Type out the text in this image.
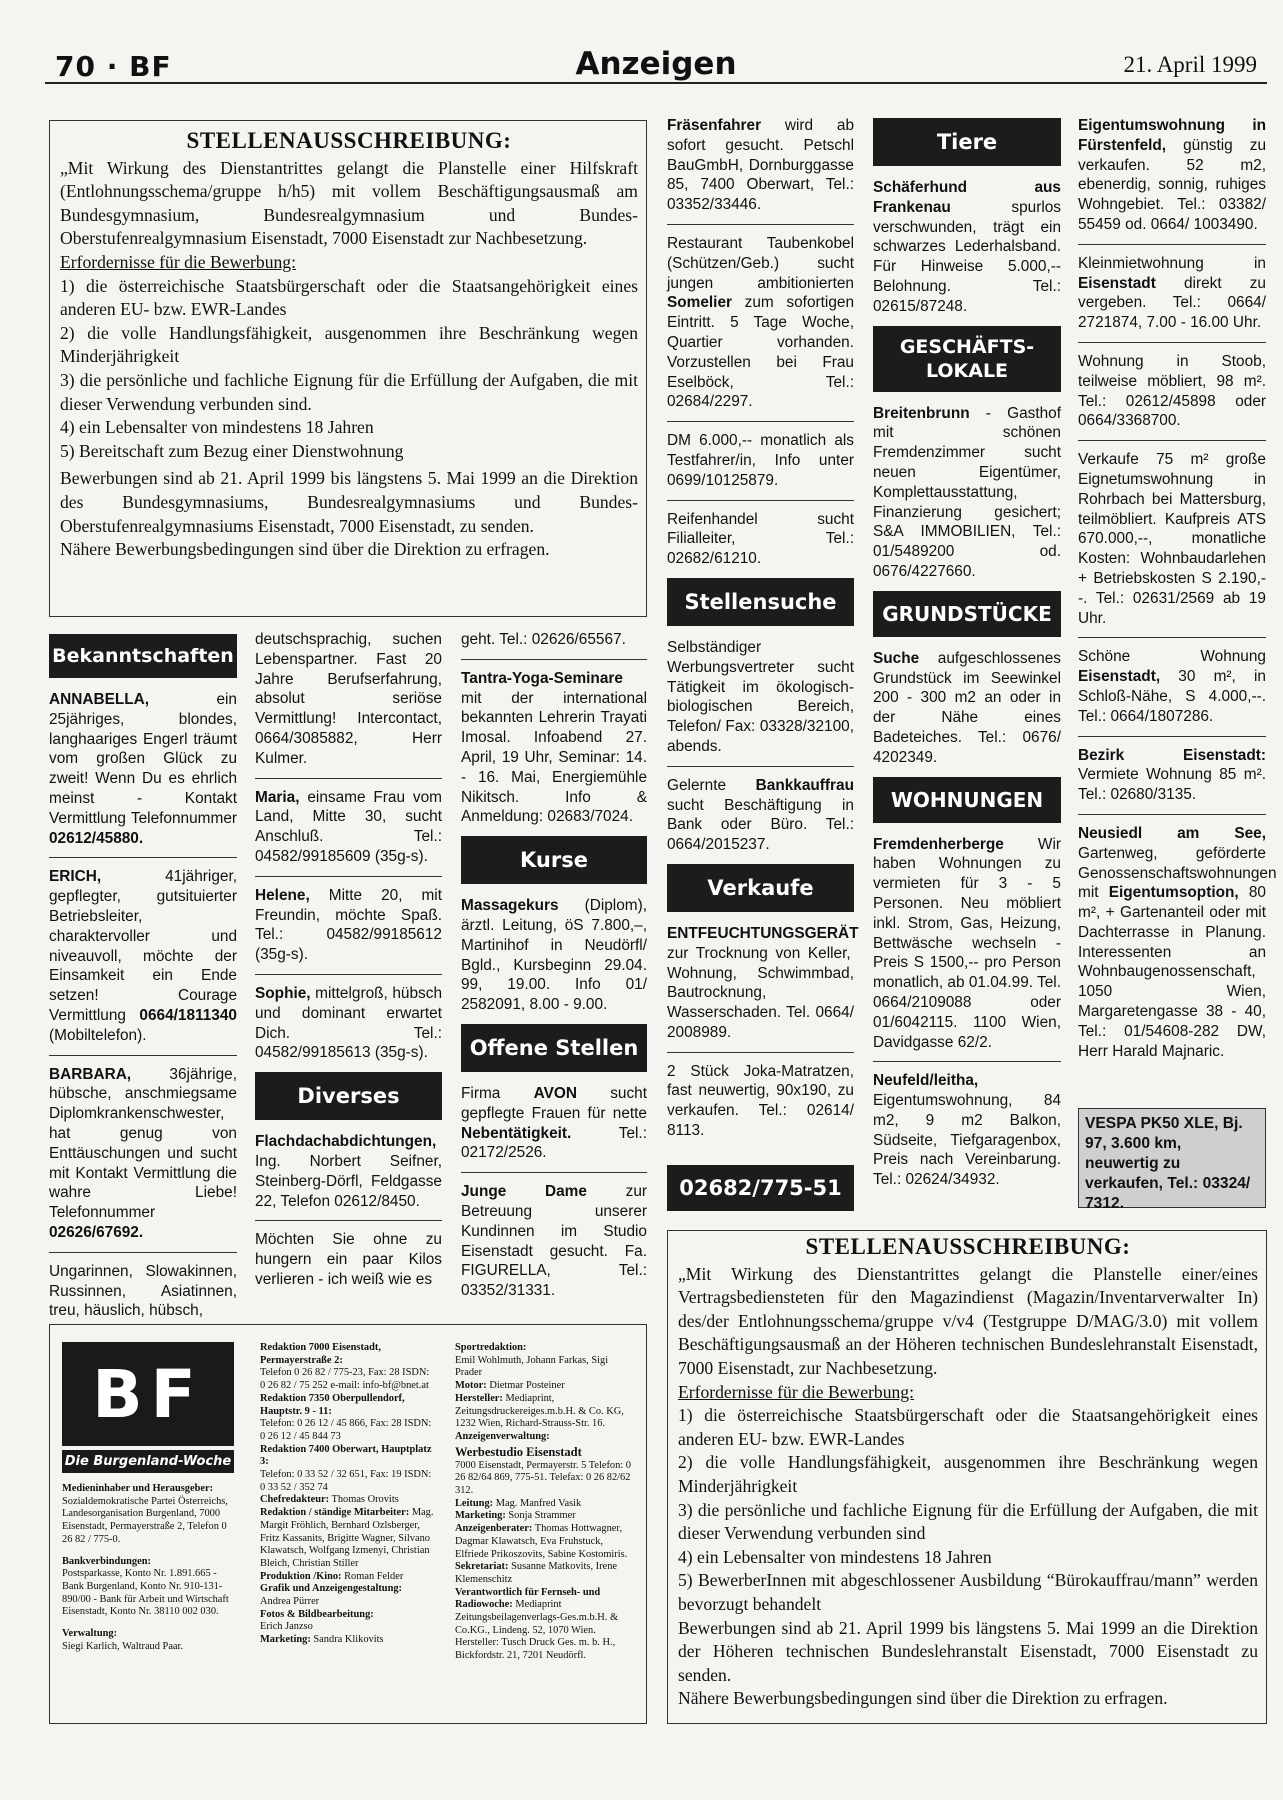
70 · BF	Anzeigen	21. April 1999
STELLENAUSSCHREIBUNG:

„Mit Wirkung des Dienstantrittes gelangt die Planstelle einer Hilfskraft (Entlohnungsschema/gruppe h/h5) mit vollem Beschäftigungsausmaß am Bundesgymnasium, Bundesrealgymnasium und Bundes-Oberstufenrealgymnasium Eisenstadt, 7000 Eisenstadt zur Nachbesetzung.

Erfordernisse für die Bewerbung:

1) die österreichische Staatsbürgerschaft oder die Staatsangehörigkeit eines anderen EU- bzw. EWR-Landes

2) die volle Handlungsfähigkeit, ausgenommen ihre Beschränkung wegen Minderjährigkeit

3) die persönliche und fachliche Eignung für die Erfüllung der Aufgaben, die mit dieser Verwendung verbunden sind.

4) ein Lebensalter von mindestens 18 Jahren

5) Bereitschaft zum Bezug einer Dienstwohnung

Bewerbungen sind ab 21. April 1999 bis längstens 5. Mai 1999 an die Direktion des Bundesgymnasiums, Bundesrealgymnasiums und Bundes-Oberstufenrealgymnasiums Eisenstadt, 7000 Eisenstadt, zu senden.

Nähere Bewerbungsbedingungen sind über die Direktion zu erfragen.

Bekanntschaften

ANNABELLA, ein 25jähriges, blondes, langhaariges Engerl träumt vom großen Glück zu zweit! Wenn Du es ehrlich meinst - Kontakt Vermittlung Telefonnummer 02612/45880.

ERICH, 41jähriger, gepflegter, gutsituierter Betriebsleiter, charaktervoller und niveauvoll, möchte der Einsamkeit ein Ende setzen! Courage Vermittlung 0664/1811340 (Mobiltelefon).

BARBARA, 36jährige, hübsche, anschmiegsame Diplomkrankenschwester, hat genug von Enttäuschungen und sucht mit Kontakt Vermittlung die wahre Liebe! Telefonnummer 02626/67692.

Ungarinnen, Slowakinnen, Russinnen, Asiatinnen, treu, häuslich, hübsch,

deutschsprachig, suchen Lebenspartner. Fast 20 Jahre Berufserfahrung, absolut seriöse Vermittlung! Intercontact, 0664/3085882, Herr Kulmer.

Maria, einsame Frau vom Land, Mitte 30, sucht Anschluß. Tel.: 04582/99185609 (35g-s).

Helene, Mitte 20, mit Freundin, möchte Spaß. Tel.: 04582/99185612 (35g-s).

Sophie, mittelgroß, hübsch und dominant erwartet Dich. Tel.: 04582/99185613 (35g-s).

Diverses

Flachdachabdichtungen, Ing. Norbert Seifner, Steinberg-Dörfl, Feldgasse 22, Telefon 02612/8450.

Möchten Sie ohne zu hungern ein paar Kilos verlieren - ich weiß wie es

geht. Tel.: 02626/65567.

Tantra-Yoga-Seminare mit der international bekannten Lehrerin Trayati Imosal. Infoabend 27. April, 19 Uhr, Seminar: 14. - 16. Mai, Energiemühle Nikitsch. Info & Anmeldung: 02683/7024.

Kurse

Massagekurs (Diplom), ärztl. Leitung, öS 7.800,–, Martinihof in Neudörfl/ Bgld., Kursbeginn 29.04. 99, 19.00. Info 01/ 2582091, 8.00 - 9.00.

Offene Stellen

Firma AVON sucht gepflegte Frauen für nette Nebentätigkeit. Tel.: 02172/2526.

Junge Dame zur Betreuung unserer Kundinnen im Studio Eisenstadt gesucht. Fa. FIGURELLA, Tel.: 03352/31331.

Fräsenfahrer wird ab sofort gesucht. Petschl BauGmbH, Dornburggasse 85, 7400 Oberwart, Tel.: 03352/33446.

Restaurant Taubenkobel (Schützen/Geb.) sucht jungen ambitionierten Somelier zum sofortigen Eintritt. 5 Tage Woche, Quartier vorhanden. Vorzustellen bei Frau Eselböck, Tel.: 02684/2297.

DM 6.000,-- monatlich als Testfahrer/in, Info unter 0699/10125879.

Reifenhandel sucht Filialleiter, Tel.: 02682/61210.

Stellensuche

Selbständiger Werbungsvertreter sucht Tätigkeit im ökologisch-biologischen Bereich, Telefon/ Fax: 03328/32100, abends.

Gelernte Bankkauffrau sucht Beschäftigung in Bank oder Büro. Tel.: 0664/2015237.

Verkaufe

ENTFEUCHTUNGSGERÄT zur Trocknung von Keller, Wohnung, Schwimmbad, Bautrocknung, Wasserschaden. Tel. 0664/ 2008989.

2 Stück Joka-Matratzen, fast neuwertig, 90x190, zu verkaufen. Tel.: 02614/ 8113.

02682/775-51
Tiere

Schäferhund aus Frankenau spurlos verschwunden, trägt ein schwarzes Lederhalsband. Für Hinweise 5.000,-- Belohnung. Tel.: 02615/87248.

GESCHÄFTS-LOKALE

Breitenbrunn - Gasthof mit schönen Fremdenzimmer sucht neuen Eigentümer, Komplettausstattung, Finanzierung gesichert; S&A IMMOBILIEN, Tel.: 01/5489200 od. 0676/4227660.

GRUNDSTÜCKE

Suche aufgeschlossenes Grundstück im Seewinkel 200 - 300 m2 an oder in der Nähe eines Badeteiches. Tel.: 0676/ 4202349.

WOHNUNGEN

Fremdenherberge Wir haben Wohnungen zu vermieten für 3 - 5 Personen. Neu möbliert inkl. Strom, Gas, Heizung, Bettwäsche wechseln - Preis S 1500,-- pro Person monatlich, ab 01.04.99. Tel. 0664/2109088 oder 01/6042115. 1100 Wien, Davidgasse 62/2.

Neufeld/leitha, Eigentumswohnung, 84 m2, 9 m2 Balkon, Südseite, Tiefgaragenbox, Preis nach Vereinbarung. Tel.: 02624/34932.

Eigentumswohnung in Fürstenfeld, günstig zu verkaufen. 52 m2, ebenerdig, sonnig, ruhiges Wohngebiet. Tel.: 03382/ 55459 od. 0664/ 1003490.

Kleinmietwohnung in Eisenstadt direkt zu vergeben. Tel.: 0664/ 2721874, 7.00 - 16.00 Uhr.

Wohnung in Stoob, teilweise möbliert, 98 m². Tel.: 02612/45898 oder 0664/3368700.

Verkaufe 75 m² große Eignetumswohnung in Rohrbach bei Mattersburg, teilmöbliert. Kaufpreis ATS 670.000,--, monatliche Kosten: Wohnbaudarlehen + Betriebskosten S 2.190,--. Tel.: 02631/2569 ab 19 Uhr.

Schöne Wohnung Eisenstadt, 30 m², in Schloß-Nähe, S 4.000,--. Tel.: 0664/1807286.

Bezirk Eisenstadt: Vermiete Wohnung 85 m². Tel.: 02680/3135.

Neusiedl am See, Gartenweg, geförderte Genossenschaftswohnungen mit Eigentumsoption, 80 m², + Gartenanteil oder mit Dachterrasse in Planung. Interessenten an Wohnbaugenossenschaft, 1050 Wien, Margaretengasse 38 - 40, Tel.: 01/54608-282 DW, Herr Harald Majnaric.

VESPA PK50 XLE, Bj. 97, 3.600 km, neuwertig zu verkaufen, Tel.: 03324/ 7312.
STELLENAUSSCHREIBUNG:

„Mit Wirkung des Dienstantrittes gelangt die Planstelle einer/eines Vertragsbediensteten für den Magazindienst (Magazin/Inventarverwalter In) des/der Entlohnungsschema/gruppe v/v4 (Testgruppe D/MAG/3.0) mit vollem Beschäftigungsausmaß an der Höheren technischen Bundeslehranstalt Eisenstadt, 7000 Eisenstadt, zur Nachbesetzung.

Erfordernisse für die Bewerbung:

1) die österreichische Staatsbürgerschaft oder die Staatsangehörigkeit eines anderen EU- bzw. EWR-Landes

2) die volle Handlungsfähigkeit, ausgenommen ihre Beschränkung wegen Minderjährigkeit

3) die persönliche und fachliche Eignung für die Erfüllung der Aufgaben, die mit dieser Verwendung verbunden sind

4) ein Lebensalter von mindestens 18 Jahren

5) BewerberInnen mit abgeschlossener Ausbildung “Bürokauffrau/mann” werden bevorzugt behandelt

Bewerbungen sind ab 21. April 1999 bis längstens 5. Mai 1999 an die Direktion der Höheren technischen Bundeslehranstalt Eisenstadt, 7000 Eisenstadt zu senden.

Nähere Bewerbungsbedingungen sind über die Direktion zu erfragen.

BF
Die Burgenland-Woche
Medieninhaber und Herausgeber:
Sozialdemokratische Partei Österreichs, Landesorganisation Burgenland, 7000 Eisenstadt, Permayerstraße 2, Telefon 0 26 82 / 775-0.
Bankverbindungen:
Postsparkasse, Konto Nr. 1.891.665 - Bank Burgenland, Konto Nr. 910-131-890/00 - Bank für Arbeit und Wirtschaft Eisenstadt, Konto Nr. 38110 002 030.
Verwaltung:
Siegi Karlich, Waltraud Paar.
Redaktion 7000 Eisenstadt, Permayerstraße 2:
Telefon 0 26 82 / 775-23, Fax: 28 ISDN: 0 26 82 / 75 252 e-mail: info-bf@bnet.at
Redaktion 7350 Oberpullendorf, Hauptstr. 9 - 11:
Telefon: 0 26 12 / 45 866, Fax: 28 ISDN: 0 26 12 / 45 844 73
Redaktion 7400 Oberwart, Hauptplatz 3:
Telefon: 0 33 52 / 32 651, Fax: 19 ISDN: 0 33 52 / 352 74
Chefredakteur: Thomas Orovits
Redaktion / ständige Mitarbeiter: Mag. Margit Fröhlich, Bernhard Ozlsberger, Fritz Kassanits, Brigitte Wagner, Silvano Klawatsch, Wolfgang Izmenyi, Christian Bleich, Christian Stiller
Produktion /Kino: Roman Felder
Grafik und Anzeigengestaltung:
Andrea Pürrer
Fotos & Bildbearbeitung:
Erich Janzso
Marketing: Sandra Klikovits
Sportredaktion:
Emil Wohlmuth, Johann Farkas, Sigi Prader
Motor: Dietmar Posteiner
Hersteller: Mediaprint, Zeitungsdruckereiges.m.b.H. & Co. KG, 1232 Wien, Richard-Strauss-Str. 16.
Anzeigenverwaltung:
Werbestudio Eisenstadt
7000 Eisenstadt, Permayerstr. 5 Telefon: 0 26 82/64 869, 775-51. Telefax: 0 26 82/62 312.
Leitung: Mag. Manfred Vasik
Marketing: Sonja Strammer
Anzeigenberater: Thomas Hottwagner, Dagmar Klawatsch, Eva Fruhstuck, Elfriede Prikoszovits, Sabine Kostomiris.
Sekretariat: Susanne Matkovits, Irene Klemenschitz
Verantwortlich für Fernseh- und Radiowoche: Mediaprint Zeitungsbeilagenverlags-Ges.m.b.H. & Co.KG., Lindeng. 52, 1070 Wien. Hersteller: Tusch Druck Ges. m. b. H., Bickfordstr. 21, 7201 Neudörfl.
